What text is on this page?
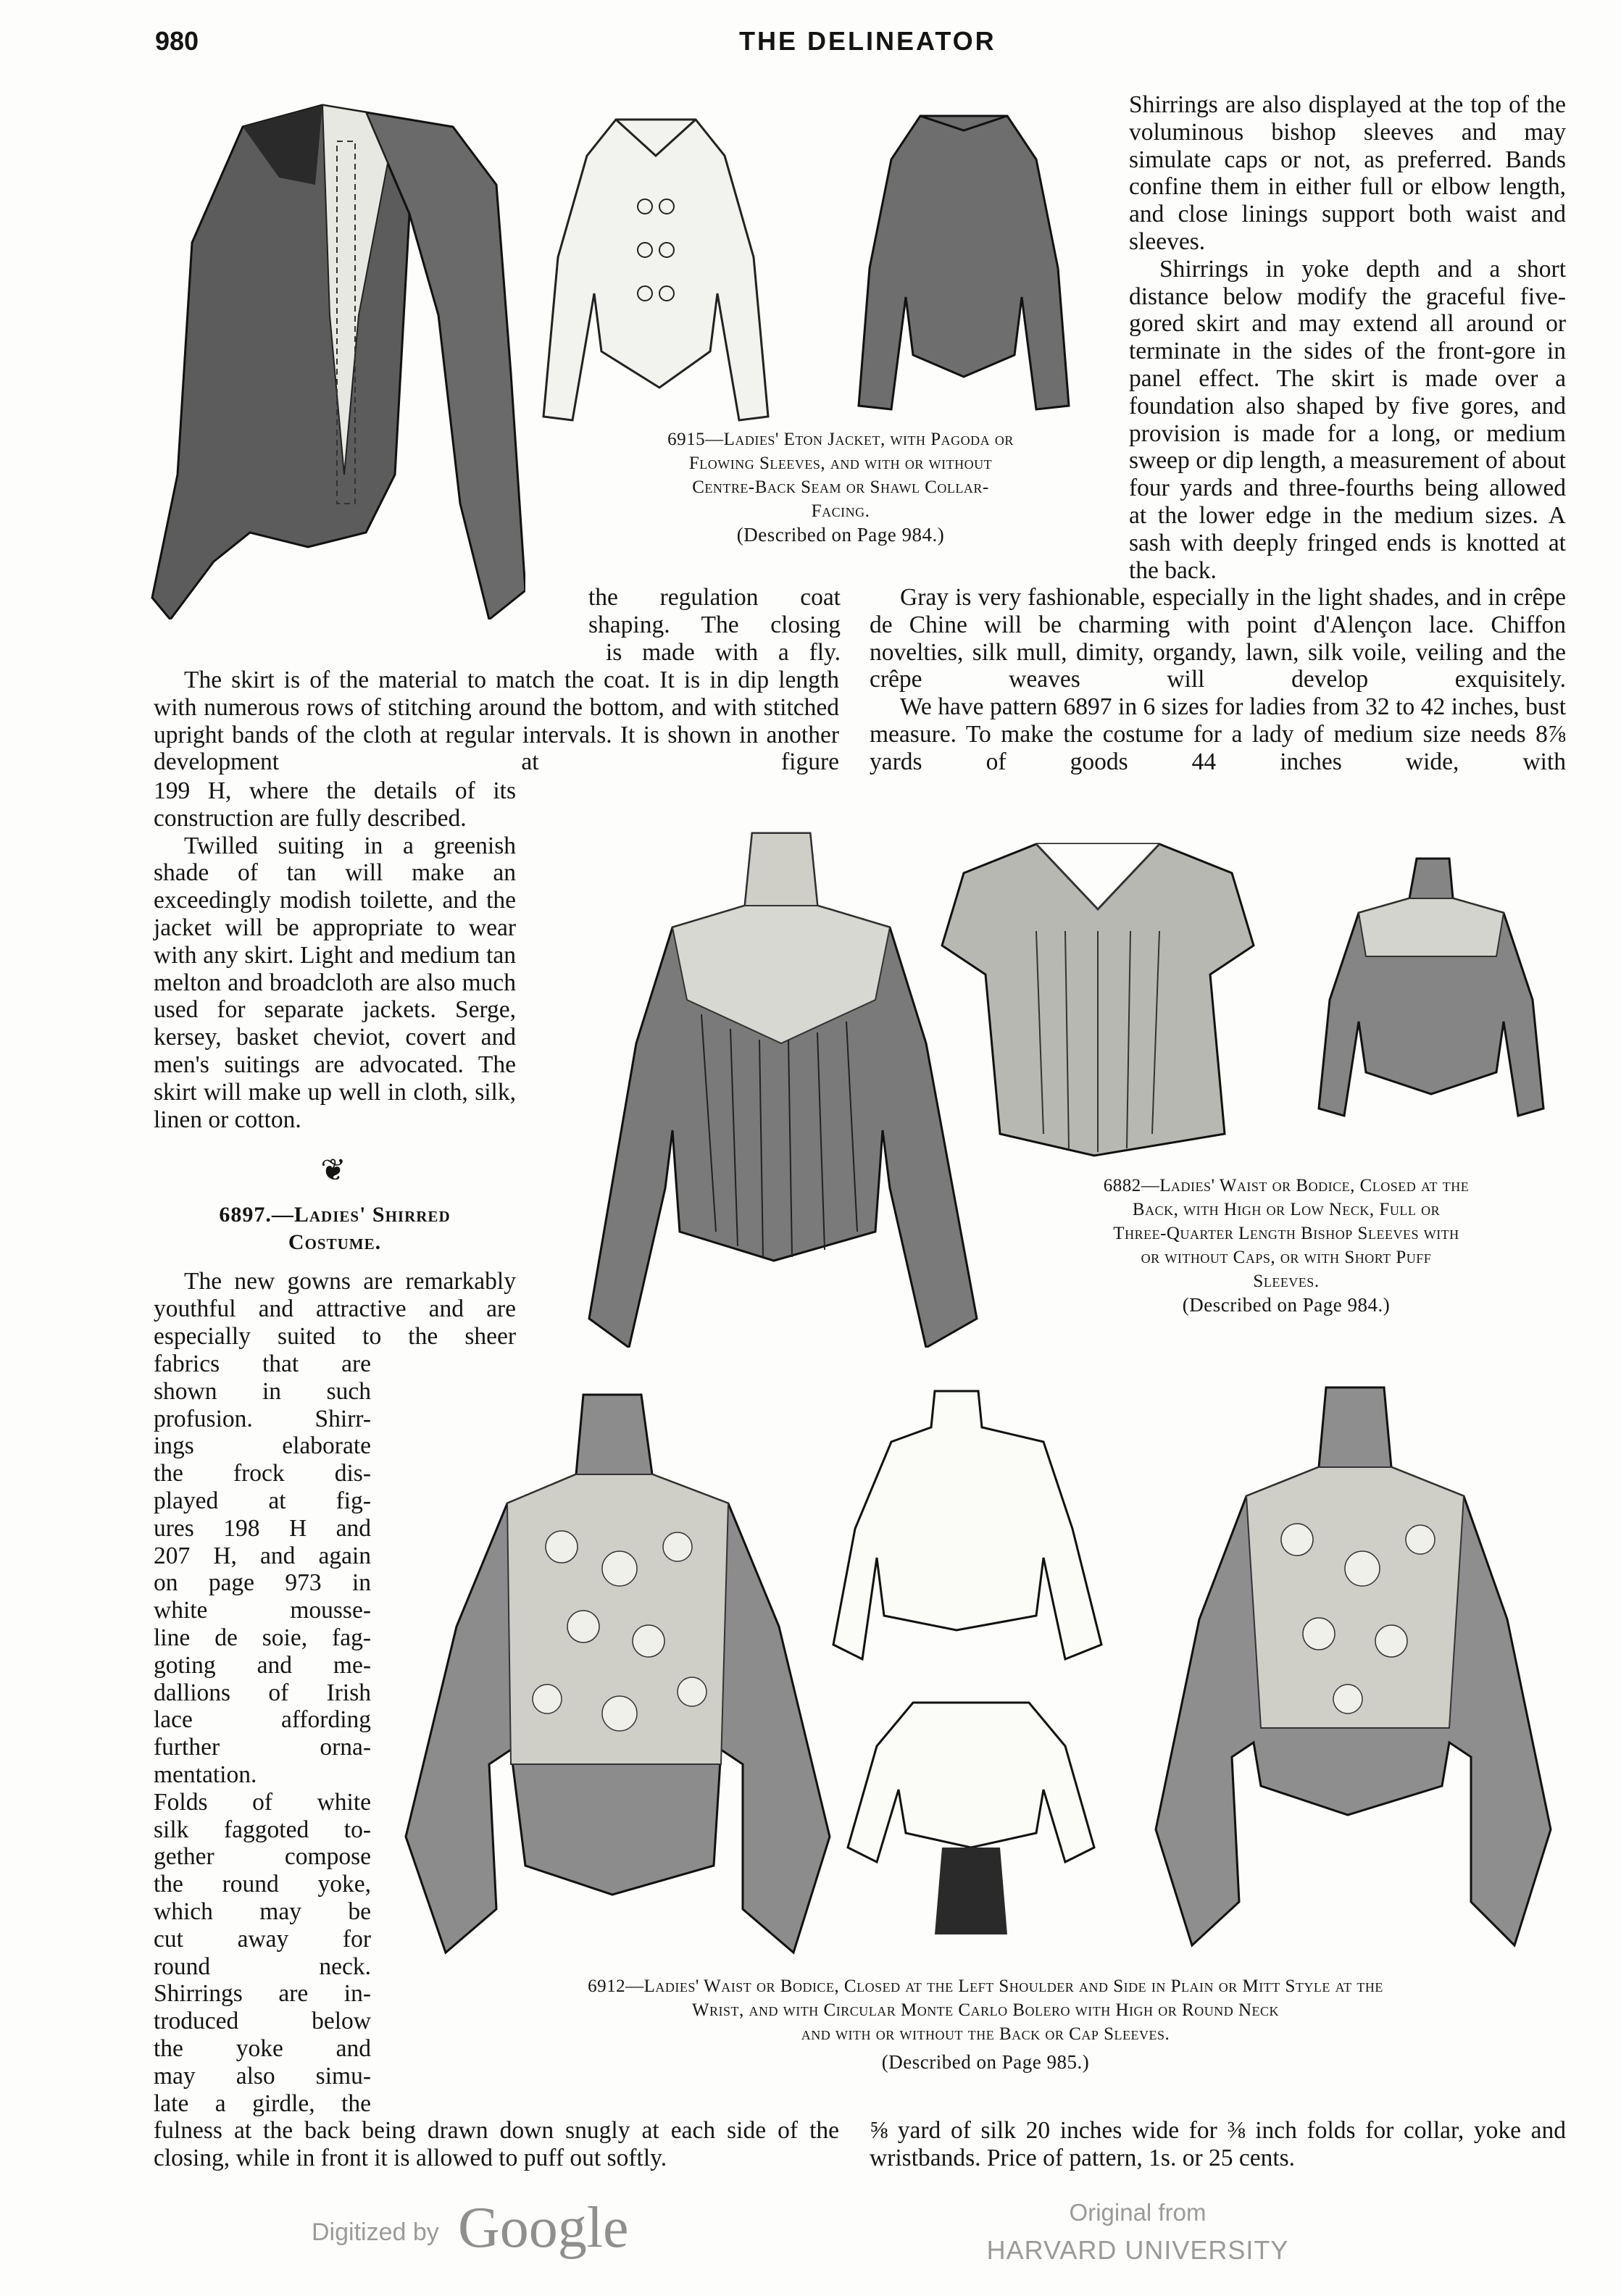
980	THE DELINEATOR
6915—Ladies' Eton Jacket, with Pagoda or
Flowing Sleeves, and with or without
Centre-Back Seam or Shawl Collar-
Facing.
(Described on Page 984.)

Shirrings are also displayed at the top of the voluminous bishop sleeves and may simulate caps or not, as preferred. Bands confine them in either full or elbow length, and close linings support both waist and sleeves.

Shirrings in yoke depth and a short distance below modify the graceful five-gored skirt and may extend all around or terminate in the sides of the front-gore in panel effect. The skirt is made over a foundation also shaped by five gores, and provision is made for a long, or medium sweep or dip length, a measurement of about four yards and three-fourths being allowed at the lower edge in the medium sizes. A sash with deeply fringed ends is knotted at the back.

the regulation coat
shaping. The closing
is made with a fly.

Gray is very fashionable, especially in the light shades, and in crêpe de Chine will be charming with point d'Alençon lace. Chiffon novelties, silk mull, dimity, organdy, lawn, silk voile, veiling and the crêpe weaves will develop exquisitely.

We have pattern 6897 in 6 sizes for ladies from 32 to 42 inches, bust measure. To make the costume for a lady of medium size needs 8⅞ yards of goods 44 inches wide, with

The skirt is of the material to match the coat. It is in dip length with numerous rows of stitching around the bottom, and with stitched upright bands of the cloth at regular intervals. It is shown in another development at figure

199 H, where the details of its construction are fully described.

Twilled suiting in a greenish shade of tan will make an exceedingly modish toilette, and the jacket will be appropriate to wear with any skirt. Light and medium tan melton and broadcloth are also much used for separate jackets. Serge, kersey, basket cheviot, covert and men's suitings are advocated. The skirt will make up well in cloth, silk, linen or cotton.

❦
6897.—Ladies' Shirred
Costume.

The new gowns are remarkably youthful and attractive and are especially suited to the sheer

fabrics that are
shown in such
profusion. Shirr-
ings elaborate
the frock dis-
played at fig-
ures 198 H and
207 H, and again
on page 973 in
white mousse-
line de soie, fag-
goting and me-
dallions of Irish
lace affording
further orna-
mentation.
Folds of white
silk faggoted to-
gether compose
the round yoke,
which may be
cut away for
round neck.
Shirrings are in-
troduced below
the yoke and
may also simu-
late a girdle, the
6882—Ladies' Waist or Bodice, Closed at the
Back, with High or Low Neck, Full or
Three-Quarter Length Bishop Sleeves with
or without Caps, or with Short Puff
Sleeves.
(Described on Page 984.)
6912—Ladies' Waist or Bodice, Closed at the Left Shoulder and Side in Plain or Mitt Style at the
Wrist, and with Circular Monte Carlo Bolero with High or Round Neck
and with or without the Back or Cap Sleeves.
(Described on Page 985.)

fulness at the back being drawn down snugly at each side of the closing, while in front it is allowed to puff out softly.

⅝ yard of silk 20 inches wide for ⅜ inch folds for collar, yoke and wristbands. Price of pattern, 1s. or 25 cents.

Digitized by Google	Original from
HARVARD UNIVERSITY
